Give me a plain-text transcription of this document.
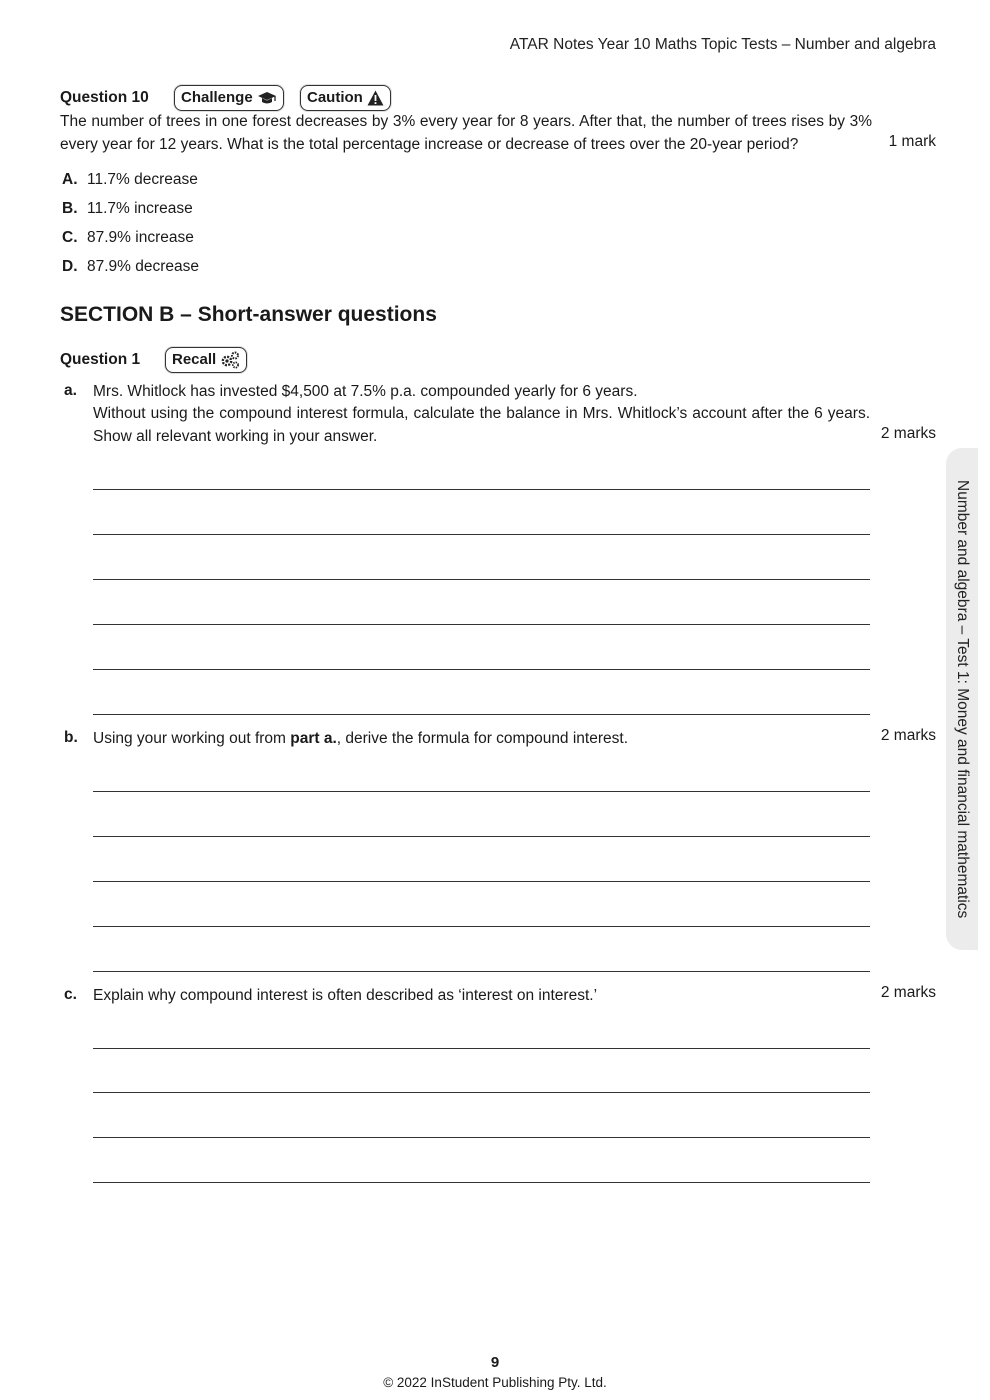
ATAR Notes Year 10 Maths Topic Tests – Number and algebra
Question 10 Challenge	Caution
The number of trees in one forest decreases by 3% every year for 8 years. After that, the number of trees rises by 3% every year for 12 years. What is the total percentage increase or decrease of trees over the 20-year period?	1 mark
A. 11.7% decrease
B. 11.7% increase
C. 87.9% increase
D. 87.9% decrease
SECTION B – Short-answer questions
Question 1 Recall
a. Mrs. Whitlock has invested $4,500 at 7.5% p.a. compounded yearly for 6 years.
Without using the compound interest formula, calculate the balance in Mrs. Whitlock’s account after the 6 years. Show all relevant working in your answer.	2 marks
b. Using your working out from part a., derive the formula for compound interest.	2 marks
c. Explain why compound interest is often described as ‘interest on interest.’	2 marks
Number and algebra – Test 1: Money and financial mathematics
9
© 2022 InStudent Publishing Pty. Ltd.
